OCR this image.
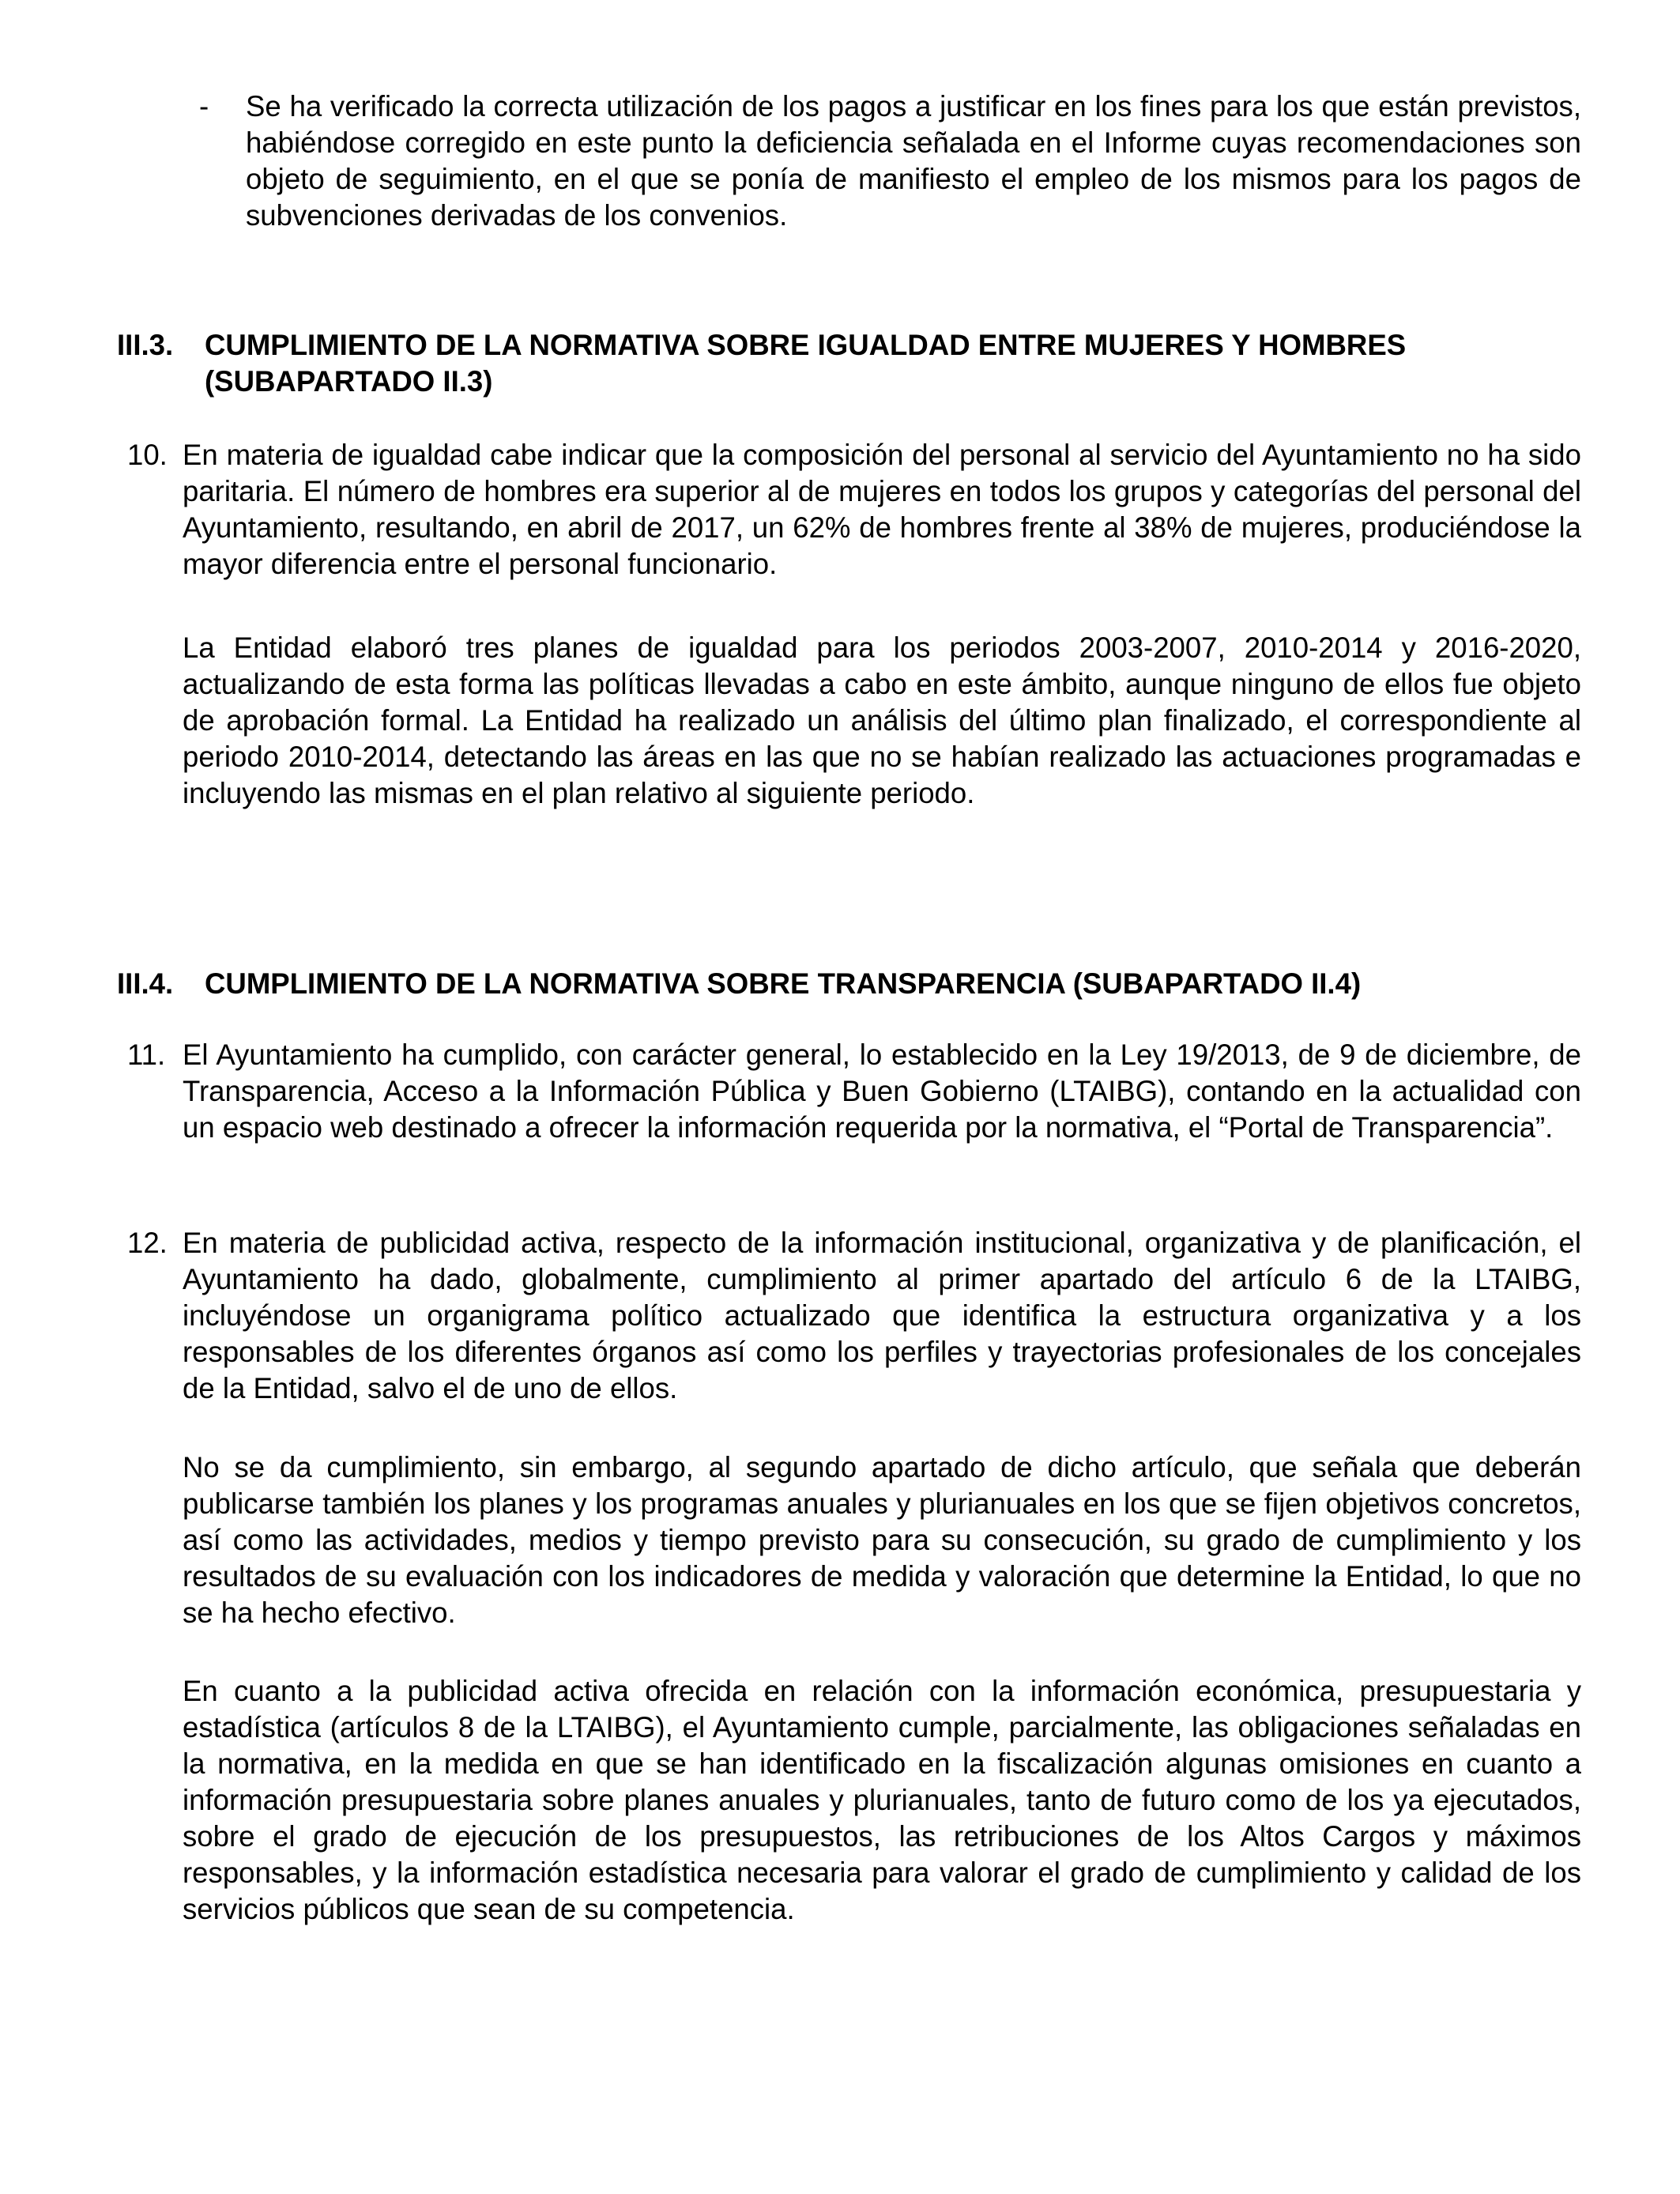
- Se ha verificado la correcta utilización de los pagos a justificar en los fines para los que están previstos, habiéndose corregido en este punto la deficiencia señalada en el Informe cuyas recomendaciones son objeto de seguimiento, en el que se ponía de manifiesto el empleo de los mismos para los pagos de subvenciones derivadas de los convenios.

III.3. CUMPLIMIENTO DE LA NORMATIVA SOBRE IGUALDAD ENTRE MUJERES Y HOMBRES (SUBAPARTADO II.3)
10. En materia de igualdad cabe indicar que la composición del personal al servicio del Ayuntamiento no ha sido paritaria. El número de hombres era superior al de mujeres en todos los grupos y categorías del personal del Ayuntamiento, resultando, en abril de 2017, un 62% de hombres frente al 38% de mujeres, produciéndose la mayor diferencia entre el personal funcionario.

La Entidad elaboró tres planes de igualdad para los periodos 2003-2007, 2010-2014 y 2016-2020, actualizando de esta forma las políticas llevadas a cabo en este ámbito, aunque ninguno de ellos fue objeto de aprobación formal. La Entidad ha realizado un análisis del último plan finalizado, el correspondiente al periodo 2010-2014, detectando las áreas en las que no se habían realizado las actuaciones programadas e incluyendo las mismas en el plan relativo al siguiente periodo.

III.4. CUMPLIMIENTO DE LA NORMATIVA SOBRE TRANSPARENCIA (SUBAPARTADO II.4)
11. El Ayuntamiento ha cumplido, con carácter general, lo establecido en la Ley 19/2013, de 9 de diciembre, de Transparencia, Acceso a la Información Pública y Buen Gobierno (LTAIBG), contando en la actualidad con un espacio web destinado a ofrecer la información requerida por la normativa, el “Portal de Transparencia”.

12. En materia de publicidad activa, respecto de la información institucional, organizativa y de planificación, el Ayuntamiento ha dado, globalmente, cumplimiento al primer apartado del artículo 6 de la LTAIBG, incluyéndose un organigrama político actualizado que identifica la estructura organizativa y a los responsables de los diferentes órganos así como los perfiles y trayectorias profesionales de los concejales de la Entidad, salvo el de uno de ellos.

No se da cumplimiento, sin embargo, al segundo apartado de dicho artículo, que señala que deberán publicarse también los planes y los programas anuales y plurianuales en los que se fijen objetivos concretos, así como las actividades, medios y tiempo previsto para su consecución, su grado de cumplimiento y los resultados de su evaluación con los indicadores de medida y valoración que determine la Entidad, lo que no se ha hecho efectivo.

En cuanto a la publicidad activa ofrecida en relación con la información económica, presupuestaria y estadística (artículos 8 de la LTAIBG), el Ayuntamiento cumple, parcialmente, las obligaciones señaladas en la normativa, en la medida en que se han identificado en la fiscalización algunas omisiones en cuanto a información presupuestaria sobre planes anuales y plurianuales, tanto de futuro como de los ya ejecutados, sobre el grado de ejecución de los presupuestos, las retribuciones de los Altos Cargos y máximos responsables, y la información estadística necesaria para valorar el grado de cumplimiento y calidad de los servicios públicos que sean de su competencia.
